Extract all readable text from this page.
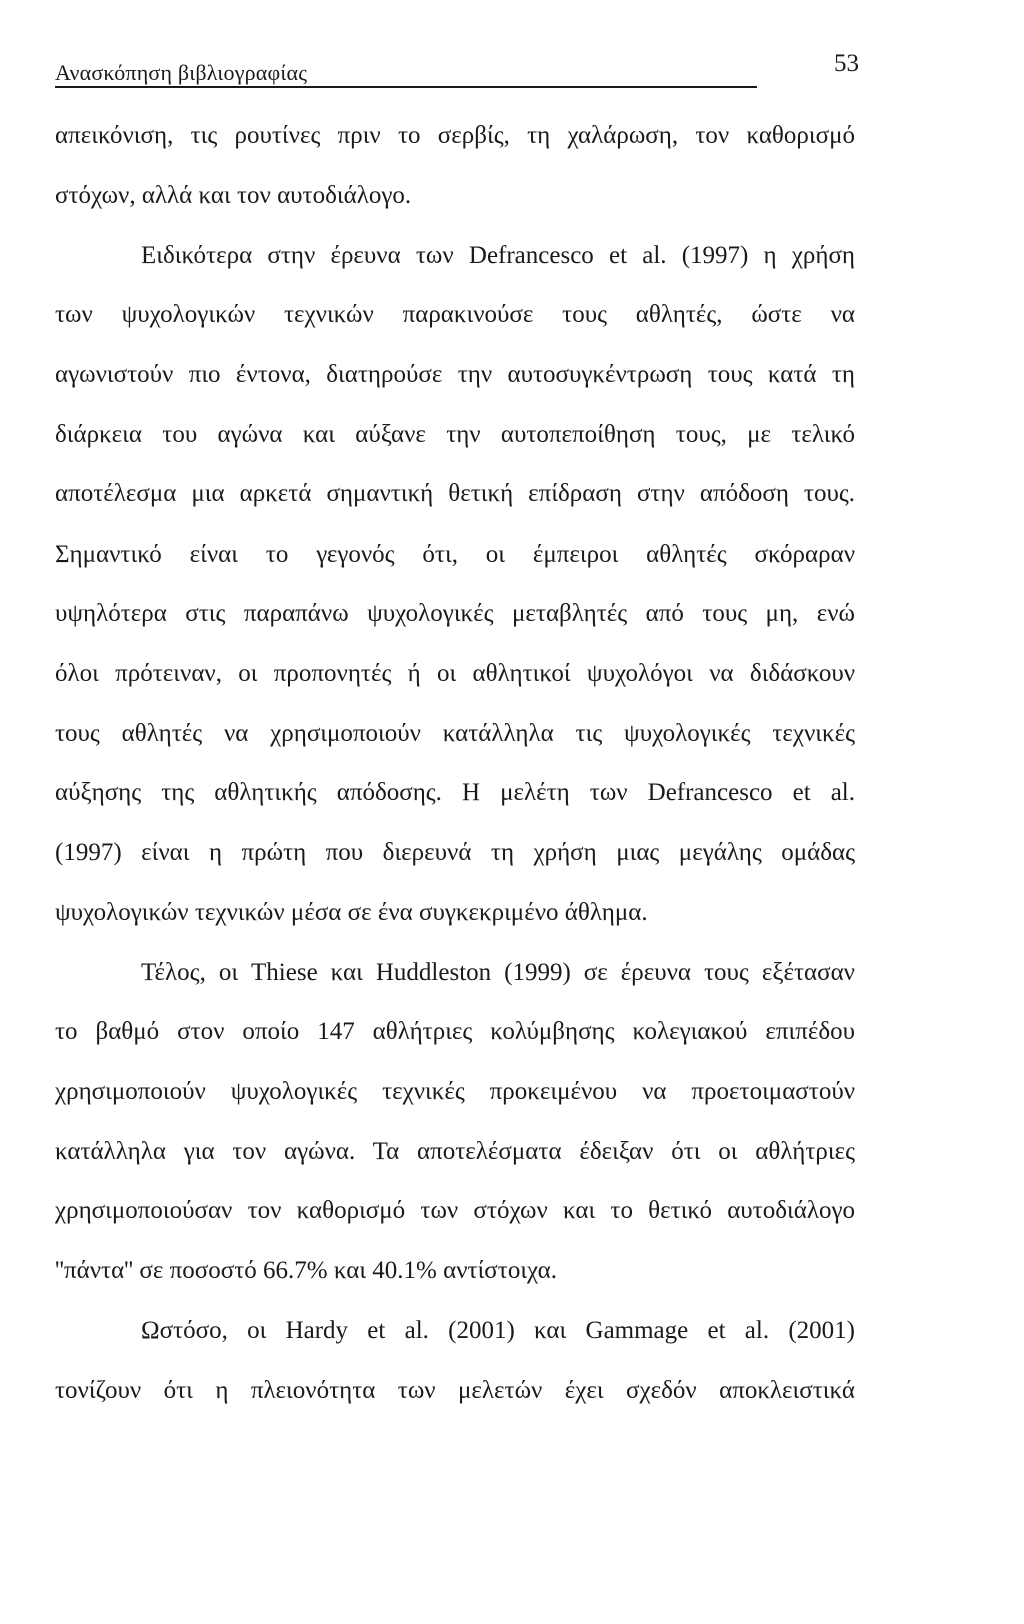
Ανασκόπηση βιβλιογραφίας	53
απεικόνιση, τις ρουτίνες πριν το σερβίς, τη χαλάρωση, τον καθορισμό
στόχων, αλλά και τον αυτοδιάλογο.
Ειδικότερα στην έρευνα των Defrancesco et al. (1997) η χρήση
των ψυχολογικών τεχνικών παρακινούσε τους αθλητές, ώστε να
αγωνιστούν πιο έντονα, διατηρούσε την αυτοσυγκέντρωση τους κατά τη
διάρκεια του αγώνα και αύξανε την αυτοπεποίθηση τους, με τελικό
αποτέλεσμα μια αρκετά σημαντική θετική επίδραση στην απόδοση τους.
Σημαντικό είναι το γεγονός ότι, οι έμπειροι αθλητές σκόραραν
υψηλότερα στις παραπάνω ψυχολογικές μεταβλητές από τους μη, ενώ
όλοι πρότειναν, οι προπονητές ή οι αθλητικοί ψυχολόγοι να διδάσκουν
τους αθλητές να χρησιμοποιούν κατάλληλα τις ψυχολογικές τεχνικές
αύξησης της αθλητικής απόδοσης. Η μελέτη των Defrancesco et al.
(1997) είναι η πρώτη που διερευνά τη χρήση μιας μεγάλης ομάδας
ψυχολογικών τεχνικών μέσα σε ένα συγκεκριμένο άθλημα.
Τέλος, οι Thiese και Huddleston (1999) σε έρευνα τους εξέτασαν
το βαθμό στον οποίο 147 αθλήτριες κολύμβησης κολεγιακού επιπέδου
χρησιμοποιούν ψυχολογικές τεχνικές προκειμένου να προετοιμαστούν
κατάλληλα για τον αγώνα. Τα αποτελέσματα έδειξαν ότι οι αθλήτριες
χρησιμοποιούσαν τον καθορισμό των στόχων και το θετικό αυτοδιάλογο
''πάντα'' σε ποσοστό 66.7% και 40.1% αντίστοιχα.
Ωστόσο, οι Hardy et al. (2001) και Gammage et al. (2001)
τονίζουν ότι η πλειονότητα των μελετών έχει σχεδόν αποκλειστικά
